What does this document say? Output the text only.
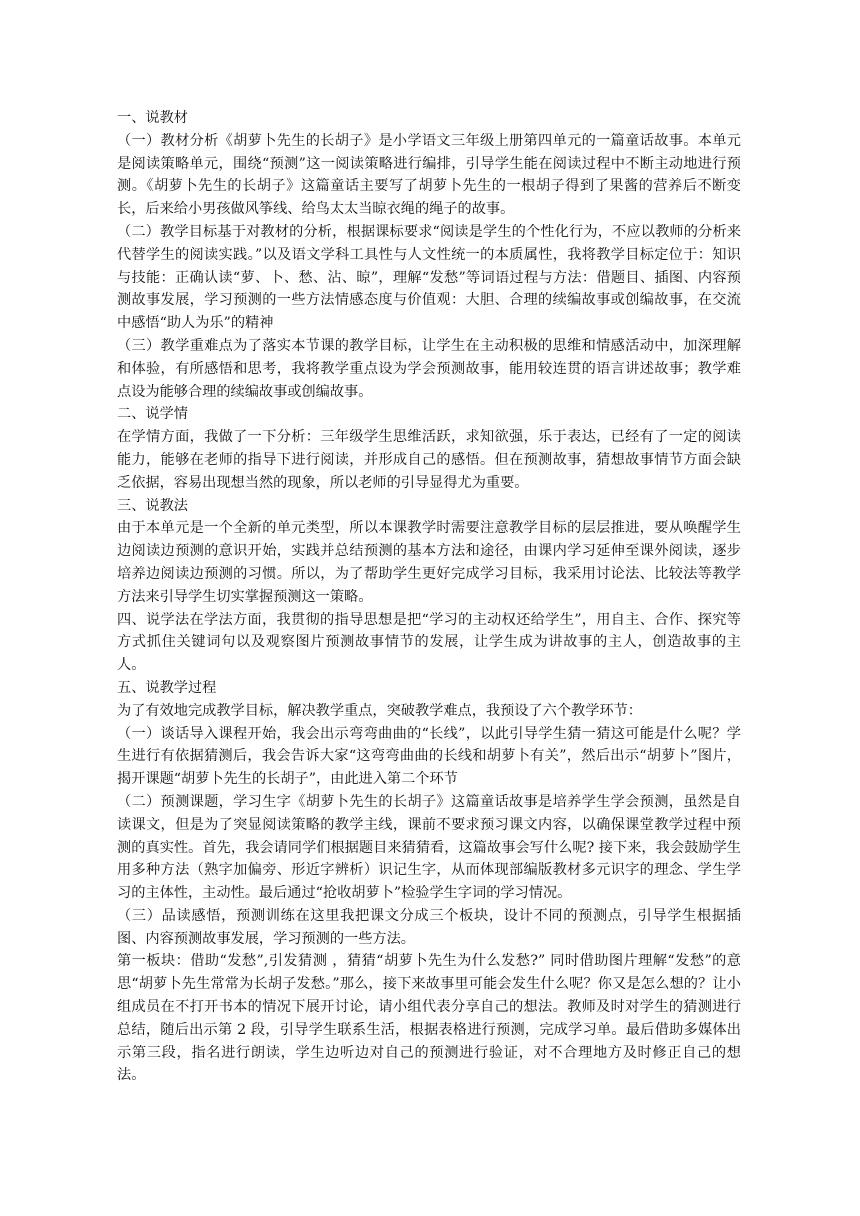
一、说教材

（一）教材分析《胡萝卜先生的长胡子》是小学语文三年级上册第四单元的一篇童话故事。本单元是阅读策略单元，围绕“预测”这一阅读策略进行编排，引导学生能在阅读过程中不断主动地进行预测。《胡萝卜先生的长胡子》这篇童话主要写了胡萝卜先生的一根胡子得到了果酱的营养后不断变长，后来给小男孩做风筝线、给鸟太太当晾衣绳的绳子的故事。

（二）教学目标基于对教材的分析，根据课标要求“阅读是学生的个性化行为，不应以教师的分析来代替学生的阅读实践。”以及语文学科工具性与人文性统一的本质属性，我将教学目标定位于：知识与技能：正确认读“萝、卜、愁、沾、晾”，理解“发愁”等词语过程与方法：借题目、插图、内容预测故事发展，学习预测的一些方法情感态度与价值观：大胆、合理的续编故事或创编故事，在交流中感悟“助人为乐”的精神

（三）教学重难点为了落实本节课的教学目标，让学生在主动积极的思维和情感活动中，加深理解和体验，有所感悟和思考，我将教学重点设为学会预测故事，能用较连贯的语言讲述故事；教学难点设为能够合理的续编故事或创编故事。

二、说学情

在学情方面，我做了一下分析：三年级学生思维活跃，求知欲强，乐于表达，已经有了一定的阅读能力，能够在老师的指导下进行阅读，并形成自己的感悟。但在预测故事，猜想故事情节方面会缺乏依据，容易出现想当然的现象，所以老师的引导显得尤为重要。

三、说教法

由于本单元是一个全新的单元类型，所以本课教学时需要注意教学目标的层层推进，要从唤醒学生边阅读边预测的意识开始，实践并总结预测的基本方法和途径，由课内学习延伸至课外阅读，逐步培养边阅读边预测的习惯。所以，为了帮助学生更好完成学习目标，我采用讨论法、比较法等教学方法来引导学生切实掌握预测这一策略。

四、说学法在学法方面，我贯彻的指导思想是把“学习的主动权还给学生”，用自主、合作、探究等方式抓住关键词句以及观察图片预测故事情节的发展，让学生成为讲故事的主人，创造故事的主人。

五、说教学过程

为了有效地完成教学目标，解决教学重点，突破教学难点，我预设了六个教学环节：

（一）谈话导入课程开始，我会出示弯弯曲曲的“长线”，以此引导学生猜一猜这可能是什么呢？学生进行有依据猜测后，我会告诉大家“这弯弯曲曲的长线和胡萝卜有关”，然后出示“胡萝卜”图片，揭开课题“胡萝卜先生的长胡子”，由此进入第二个环节

（二）预测课题，学习生字《胡萝卜先生的长胡子》这篇童话故事是培养学生学会预测，虽然是自读课文，但是为了突显阅读策略的教学主线，课前不要求预习课文内容，以确保课堂教学过程中预测的真实性。首先，我会请同学们根据题目来猜猜看，这篇故事会写什么呢? 接下来，我会鼓励学生用多种方法（熟字加偏旁、形近字辨析）识记生字，从而体现部编版教材多元识字的理念、学生学习的主体性，主动性。最后通过“抢收胡萝卜”检验学生字词的学习情况。

（三）品读感悟，预测训练在这里我把课文分成三个板块，设计不同的预测点，引导学生根据插图、内容预测故事发展，学习预测的一些方法。

第一板块：借助“发愁”,引发猜测 ，猜猜“胡萝卜先生为什么发愁?” 同时借助图片理解“发愁”的意思“胡萝卜先生常常为长胡子发愁。”那么，接下来故事里可能会发生什么呢？你又是怎么想的？让小组成员在不打开书本的情况下展开讨论，请小组代表分享自己的想法。教师及时对学生的猜测进行总结，随后出示第 2 段，引导学生联系生活，根据表格进行预测，完成学习单。最后借助多媒体出示第三段，指名进行朗读，学生边听边对自己的预测进行验证，对不合理地方及时修正自己的想法。
